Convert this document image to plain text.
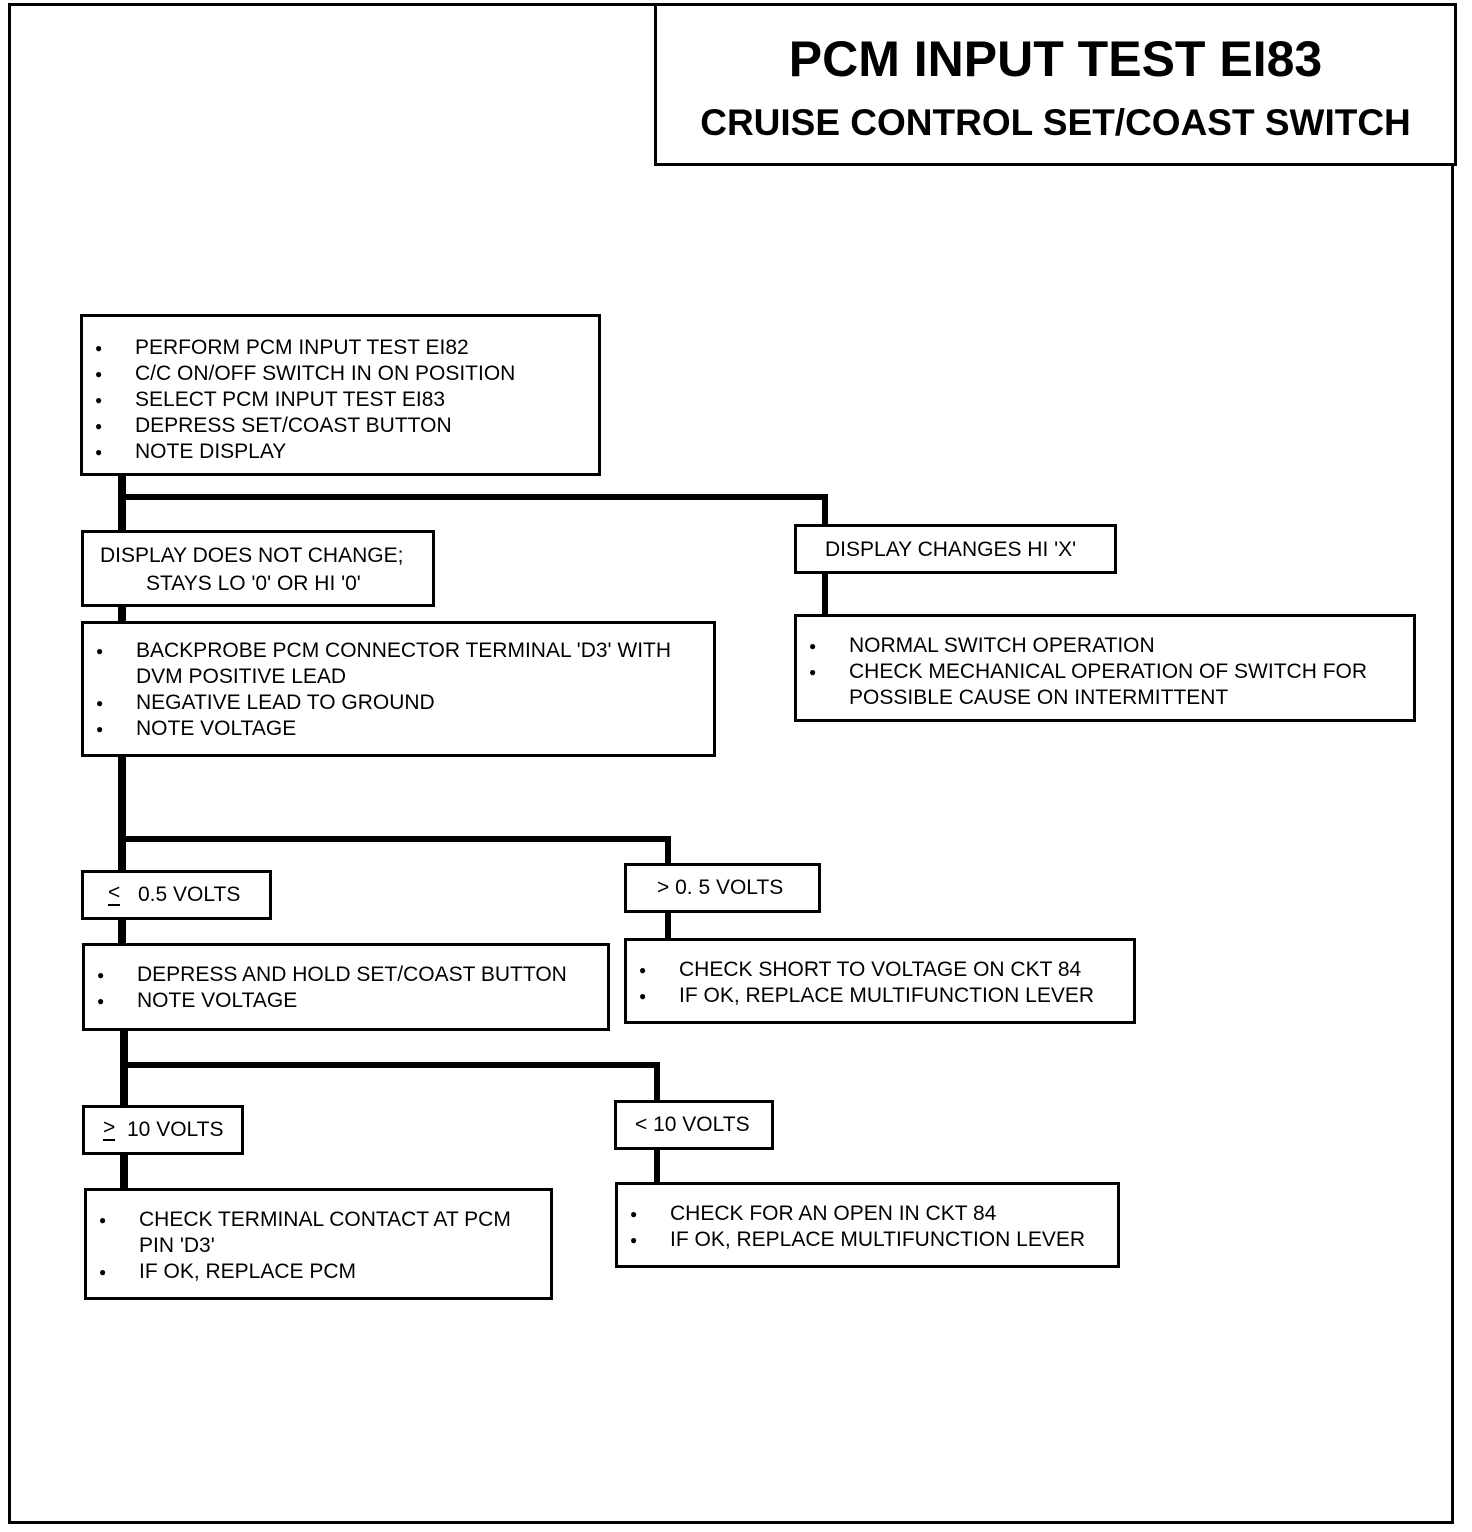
PCM INPUT TEST EI83
CRUISE CONTROL SET/COAST SWITCH
● PERFORM PCM INPUT TEST EI82
● C/C ON/OFF SWITCH IN ON POSITION
● SELECT PCM INPUT TEST EI83
● DEPRESS SET/COAST BUTTON
● NOTE DISPLAY
DISPLAY DOES NOT CHANGE;
STAYS LO '0' OR HI '0'
DISPLAY CHANGES HI 'X'
● NORMAL SWITCH OPERATION
● CHECK MECHANICAL OPERATION OF SWITCH FOR POSSIBLE CAUSE ON INTERMITTENT
● BACKPROBE PCM CONNECTOR TERMINAL 'D3' WITH DVM POSITIVE LEAD
● NEGATIVE LEAD TO GROUND
● NOTE VOLTAGE
< 0.5 VOLTS	> 0. 5 VOLTS
● DEPRESS AND HOLD SET/COAST BUTTON
● NOTE VOLTAGE
● CHECK SHORT TO VOLTAGE ON CKT 84
● IF OK, REPLACE MULTIFUNCTION LEVER
> 10 VOLTS	< 10 VOLTS
● CHECK TERMINAL CONTACT AT PCM PIN 'D3'
● IF OK, REPLACE PCM
● CHECK FOR AN OPEN IN CKT 84
● IF OK, REPLACE MULTIFUNCTION LEVER
